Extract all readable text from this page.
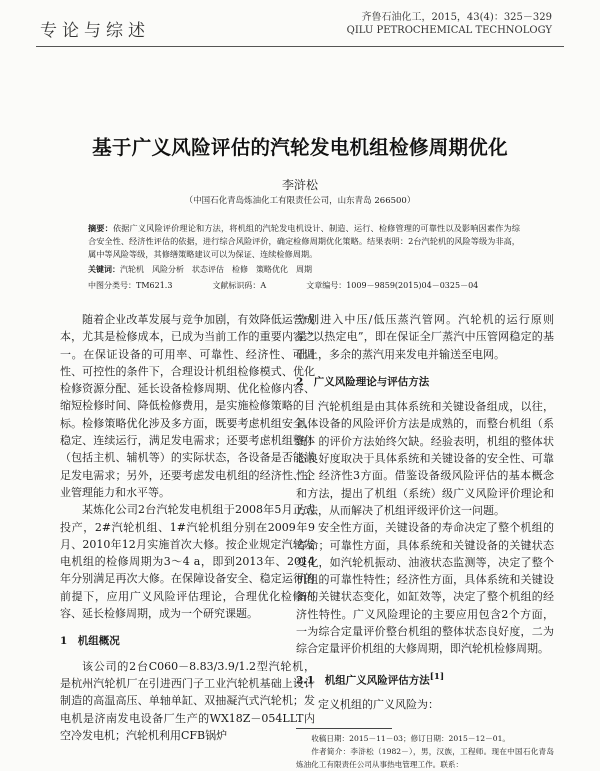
专论与综述
齐鲁石油化工，2015，43(4)：325－329
QILU PETROCHEMICAL TECHNOLOGY
基于广义风险评估的汽轮发电机组检修周期优化
李浒松
（中国石化青岛炼油化工有限责任公司，山东青岛 266500）
摘要：依据广义风险评价理论和方法，将机组的汽轮发电机设计、制造、运行、检修管理的可靠性以及影响因素作为综合安全性、经济性评估的依据，进行综合风险评价，确定检修周期优化策略。结果表明：2台汽轮机的风险等级为非高，属中等风险等级，其修缮策略建议可以为保证、连续检修周期。
关键词：汽轮机　风险分析　状态评估　检修　策略优化　周期
中图分类号：TM621.3	文献标识码：A	文章编号：1009－9859(2015)04－0325－04

随着企业改革发展与竞争加剧，有效降低运营成本，尤其是检修成本，已成为当前工作的重要内容之一。在保证设备的可用率、可靠性、经济性、可调性、可控性的条件下，合理设计机组检修模式、优化检修资源分配、延长设备检修周期、优化检修内容、缩短检修时间、降低检修费用，是实施检修策略的目标。检修策略优化涉及多方面，既要考虑机组安全、稳定、连续运行，满足发电需求；还要考虑机组整体（包括主机、辅机等）的实际状态，各设备是否能满足发电需求；另外，还要考虑发电机组的经济性、企业管理能力和水平等。

某炼化公司2台汽轮发电机组于2008年5月正式投产，2#汽轮机组、1#汽轮机组分别在2009年9月、2010年12月实施首次大修。按企业规定汽轮发电机组的检修周期为3～4 a，即到2013年、2014年分别满足再次大修。在保障设备安全、稳定运行的前提下，应用广义风险评估理论，合理优化检修内容、延长检修周期，成为一个研究课题。

1　机组概况

该公司的2台C060－8.83/3.9/1.2型汽轮机，是杭州汽轮机厂在引进西门子工业汽轮机基础上设计制造的高温高压、单轴单缸、双抽凝汽式汽轮机；发电机是济南发电设备厂生产的WX18Z－054LLT内空冷发电机；汽轮机利用CFB锅炉

分别进入中压/低压蒸汽管网。汽轮机的运行原则是“以热定电”，即在保证全厂蒸汽中压管网稳定的基础上，多余的蒸汽用来发电并输送至电网。

2　广义风险理论与评估方法

汽轮机组是由其体系统和关键设备组成，以往，具体设备的风险评价方法是成熟的，而整台机组（系统）的评价方法始终欠缺。经验表明，机组的整体状态良好度取决于具体系统和关键设备的安全性、可靠性、经济性3方面。借鉴设备级风险评估的基本概念和方法，提出了机组（系统）级广义风险评价理论和方法，从而解决了机组评级评价这一问题。

安全性方面，关键设备的寿命决定了整个机组的寿命；可靠性方面，具体系统和关键设备的关键状态变化，如汽轮机振动、油液状态监测等，决定了整个机组的可靠性特性；经济性方面，具体系统和关键设备的关键状态变化，如缸效等，决定了整个机组的经济性特性。广义风险理论的主要应用包含2个方面，一为综合定量评价整台机组的整体状态良好度，二为综合定量评价机组的大修周期，即汽轮机检修周期。

2.1　机组广义风险评估方法[1]

定义机组的广义风险为：

收稿日期：2015－11－03；修订日期：2015－12－01。
作者简介：李浒松（1982－），男，汉族，工程师。现在中国石化青岛炼油化工有限责任公司从事热电管理工作。联系：
